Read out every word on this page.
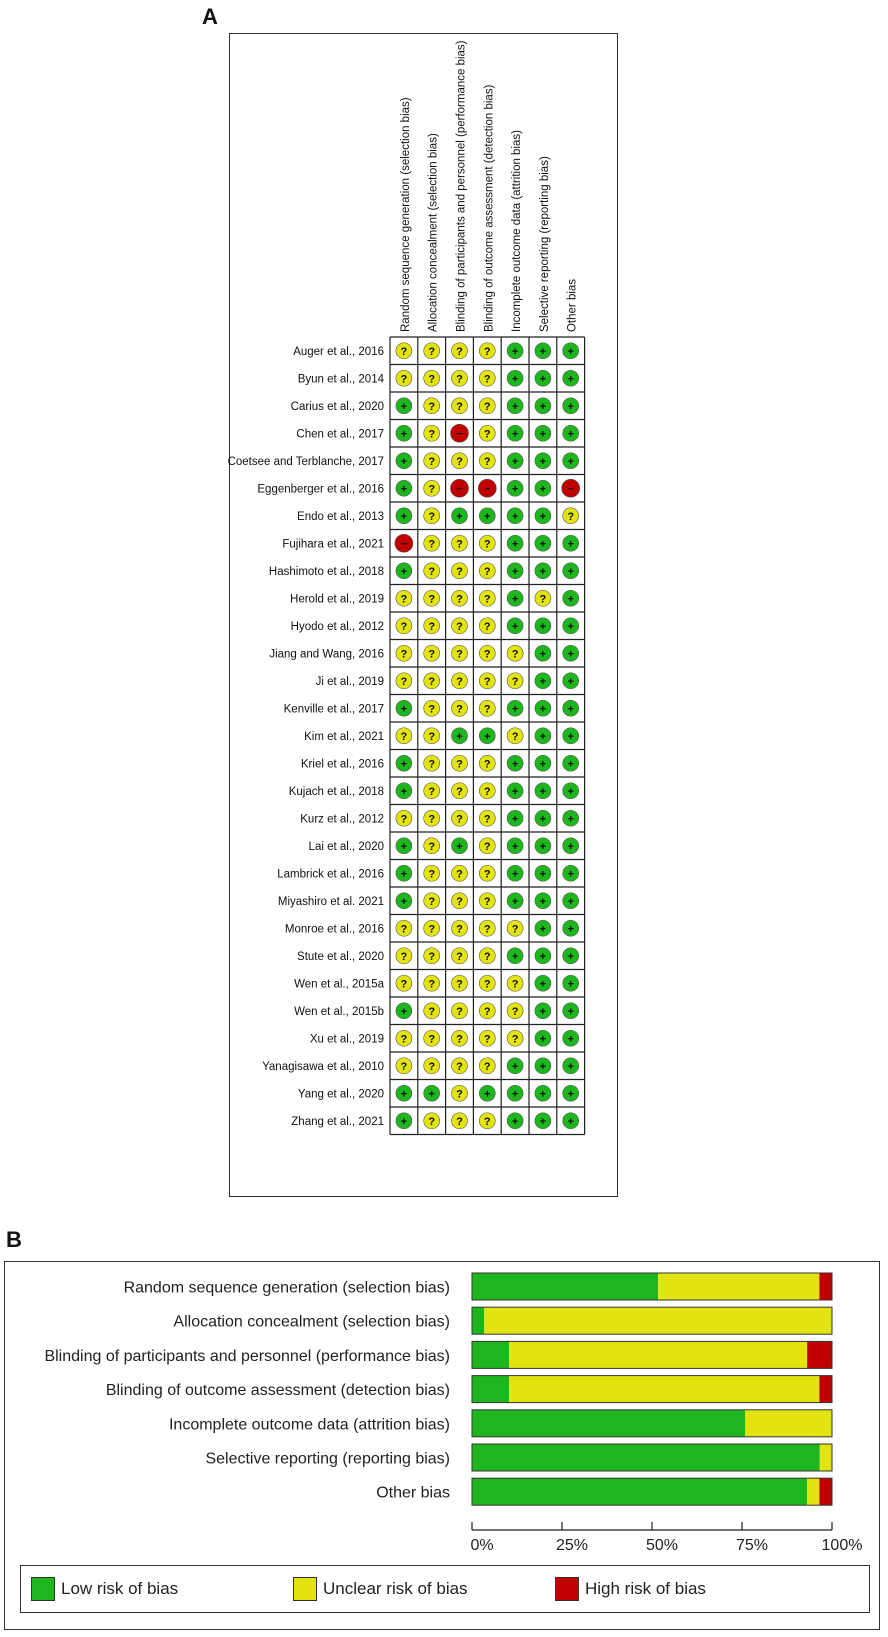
A
Random sequence generation (selection bias) Allocation concealment (selection bias) Blinding of participants and personnel (performance bias) Blinding of outcome assessment (detection bias) Incomplete outcome data (attrition bias) Selective reporting (reporting bias) Other bias
Auger et al., 2016 ? ? ? ? + + +
Byun et al., 2014 ? ? ? ? + + +
Carius et al., 2020 + ? ? ? + + +
Chen et al., 2017 + ? − ? + + +
Coetsee and Terblanche, 2017 + ? ? ? + + +
Eggenberger et al., 2016 + ? − − + + −
Endo et al., 2013 + ? + + + + ?
Fujihara et al., 2021 − ? ? ? + + +
Hashimoto et al., 2018 + ? ? ? + + +
Herold et al., 2019 ? ? ? ? + ? +
Hyodo et al., 2012 ? ? ? ? + + +
Jiang and Wang, 2016 ? ? ? ? ? + +
Ji et al., 2019 ? ? ? ? ? + +
Kenville et al., 2017 + ? ? ? + + +
Kim et al., 2021 ? ? + + ? + +
Kriel et al., 2016 + ? ? ? + + +
Kujach et al., 2018 + ? ? ? + + +
Kurz et al., 2012 ? ? ? ? + + +
Lai et al., 2020 + ? + ? + + +
Lambrick et al., 2016 + ? ? ? + + +
Miyashiro et al. 2021 + ? ? ? + + +
Monroe et al., 2016 ? ? ? ? ? + +
Stute et al., 2020 ? ? ? ? + + +
Wen et al., 2015a ? ? ? ? ? + +
Wen et al., 2015b + ? ? ? ? + +
Xu et al., 2019 ? ? ? ? ? + +
Yanagisawa et al., 2010 ? ? ? ? + + +
Yang et al., 2020 + + ? + + + +
Zhang et al., 2021 + ? ? ? + + +
B
Random sequence generation (selection bias)
Allocation concealment (selection bias)
Blinding of participants and personnel (performance bias)
Blinding of outcome assessment (detection bias)
Incomplete outcome data (attrition bias)
Selective reporting (reporting bias)
Other bias
0%	25%	50%	75%	100%
Low risk of bias	Unclear risk of bias	High risk of bias
